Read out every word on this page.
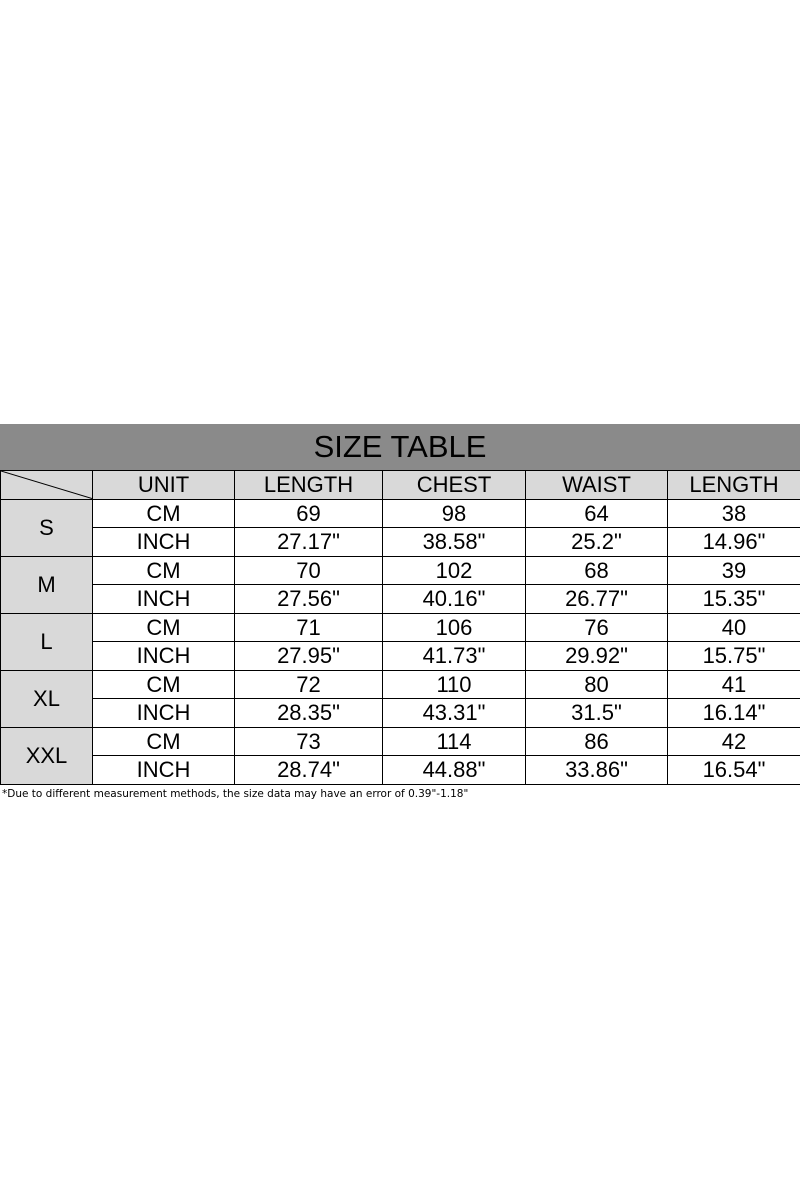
SIZE TABLE
	UNIT	LENGTH	CHEST	WAIST	LENGTH
S	CM	69	98	64	38
	INCH	27.17"	38.58"	25.2"	14.96"
M	CM	70	102	68	39
	INCH	27.56"	40.16"	26.77"	15.35"
L	CM	71	106	76	40
	INCH	27.95"	41.73"	29.92"	15.75"
XL	CM	72	110	80	41
	INCH	28.35"	43.31"	31.5"	16.14"
XXL	CM	73	114	86	42
	INCH	28.74"	44.88"	33.86"	16.54"
*Due to different measurement methods, the size data may have an error of 0.39"-1.18"
